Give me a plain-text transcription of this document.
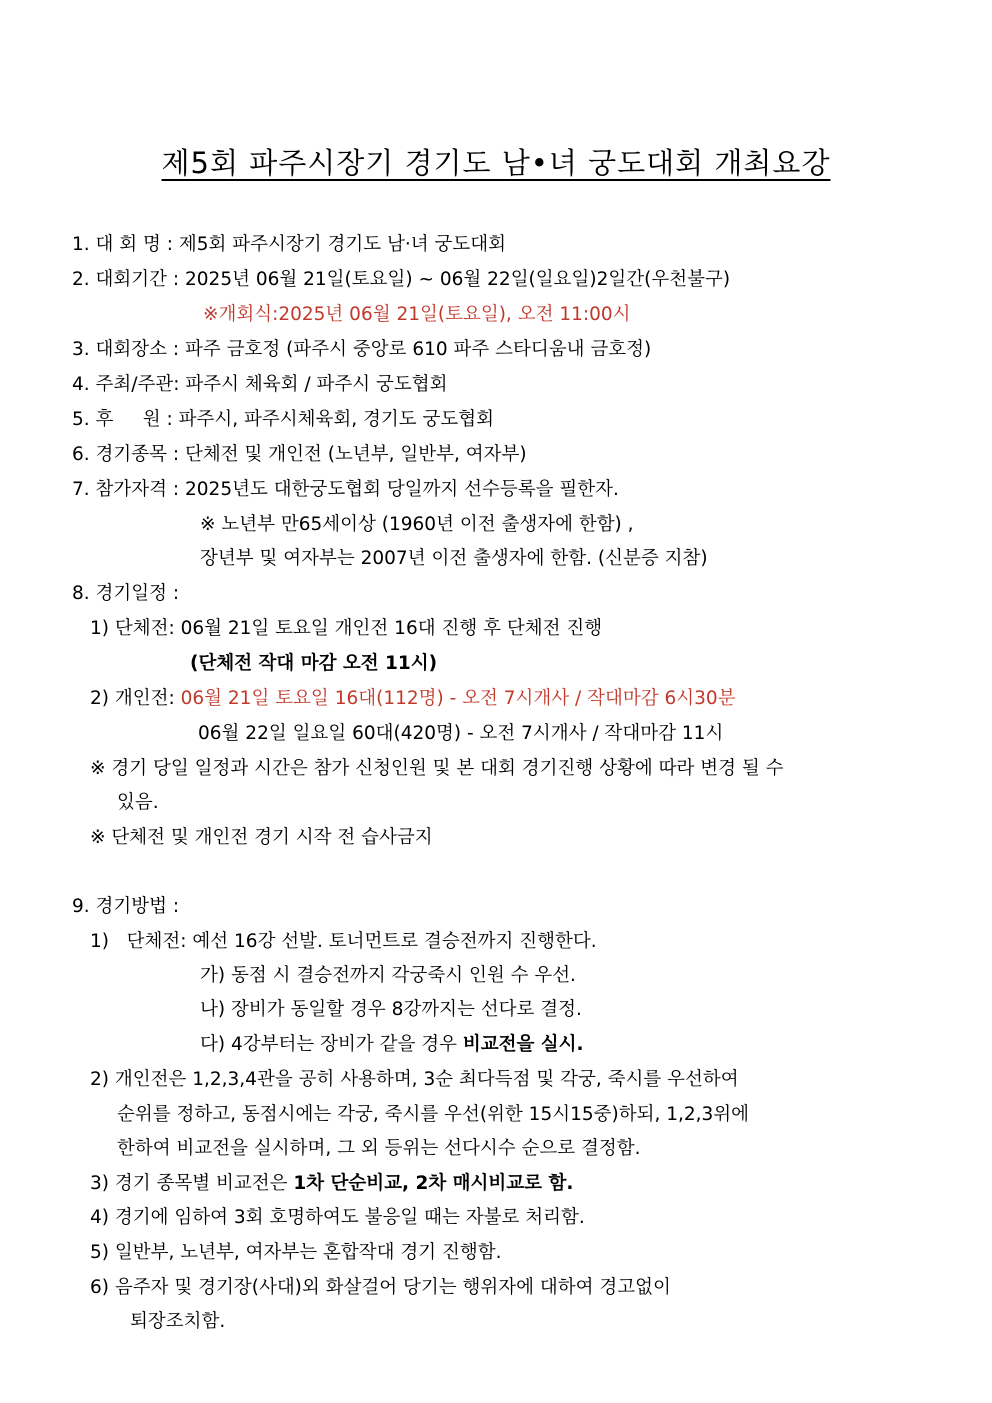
제5회 파주시장기 경기도 남•녀 궁도대회 개최요강
1. 대 회 명 : 제5회 파주시장기 경기도 남·녀 궁도대회
2. 대회기간 : 2025년 06월 21일(토요일) ~ 06월 22일(일요일)2일간(우천불구)
※개회식:2025년 06월 21일(토요일), 오전 11:00시
3. 대회장소 : 파주 금호정 (파주시 중앙로 610 파주 스타디움내 금호정)
4. 주최/주관: 파주시 체육회 / 파주시 궁도협회
5. 후     원 : 파주시, 파주시체육회, 경기도 궁도협회
6. 경기종목 : 단체전 및 개인전 (노년부, 일반부, 여자부)
7. 참가자격 : 2025년도 대한궁도협회 당일까지 선수등록을 필한자.
※ 노년부 만65세이상 (1960년 이전 출생자에 한함) ,
장년부 및 여자부는 2007년 이전 출생자에 한함. (신분증 지참)
8. 경기일정 :
1) 단체전: 06월 21일 토요일 개인전 16대 진행 후 단체전 진행
(단체전 작대 마감 오전 11시)
2) 개인전: 06월 21일 토요일 16대(112명) - 오전 7시개사 / 작대마감 6시30분
06월 22일 일요일 60대(420명) - 오전 7시개사 / 작대마감 11시
※ 경기 당일 일정과 시간은 참가 신청인원 및 본 대회 경기진행 상황에 따라 변경 될 수
있음.
※ 단체전 및 개인전 경기 시작 전 습사금지
9. 경기방법 :
1)   단체전: 예선 16강 선발. 토너먼트로 결승전까지 진행한다.
가) 동점 시 결승전까지 각궁죽시 인원 수 우선.
나) 장비가 동일할 경우 8강까지는 선다로 결정.
다) 4강부터는 장비가 같을 경우 비교전을 실시.
2) 개인전은 1,2,3,4관을 공히 사용하며, 3순 최다득점 및 각궁, 죽시를 우선하여
순위를 정하고, 동점시에는 각궁, 죽시를 우선(위한 15시15중)하되, 1,2,3위에
한하여 비교전을 실시하며, 그 외 등위는 선다시수 순으로 결정함.
3) 경기 종목별 비교전은 1차 단순비교, 2차 매시비교로 함.
4) 경기에 임하여 3회 호명하여도 불응일 때는 자불로 처리함.
5) 일반부, 노년부, 여자부는 혼합작대 경기 진행함.
6) 음주자 및 경기장(사대)외 화살걸어 당기는 행위자에 대하여 경고없이
퇴장조치함.
